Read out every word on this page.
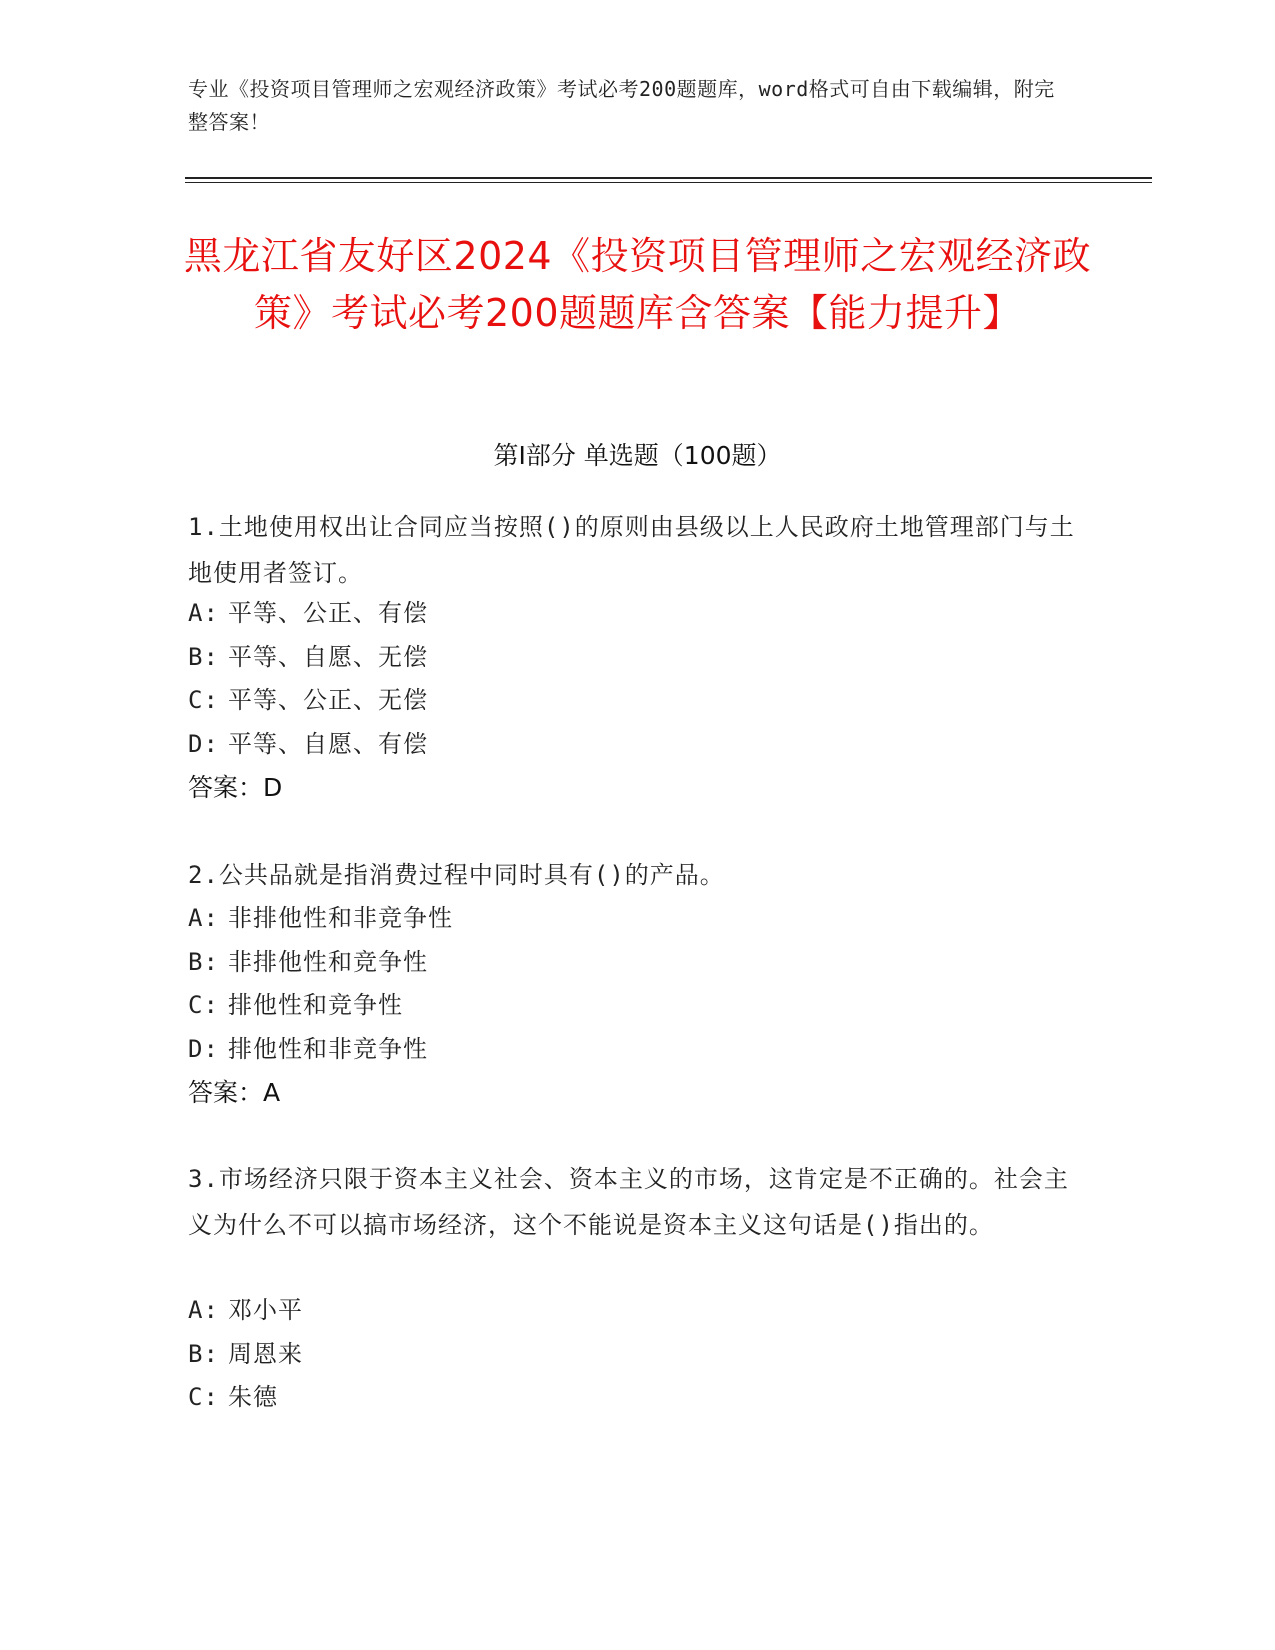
专业《投资项目管理师之宏观经济政策》考试必考200题题库，word格式可自由下载编辑，附完整答案！
黑龙江省友好区2024《投资项目管理师之宏观经济政策》考试必考200题题库含答案【能力提升】
第I部分 单选题（100题）
1.土地使用权出让合同应当按照()的原则由县级以上人民政府土地管理部门与土地使用者签订。
A: 平等、公正、有偿
B: 平等、自愿、无偿
C: 平等、公正、无偿
D: 平等、自愿、有偿
答案：D
2.公共品就是指消费过程中同时具有()的产品。
A: 非排他性和非竞争性
B: 非排他性和竞争性
C: 排他性和竞争性
D: 排他性和非竞争性
答案：A
3.市场经济只限于资本主义社会、资本主义的市场，这肯定是不正确的。社会主义为什么不可以搞市场经济，这个不能说是资本主义这句话是()指出的。
A: 邓小平
B: 周恩来
C: 朱德
